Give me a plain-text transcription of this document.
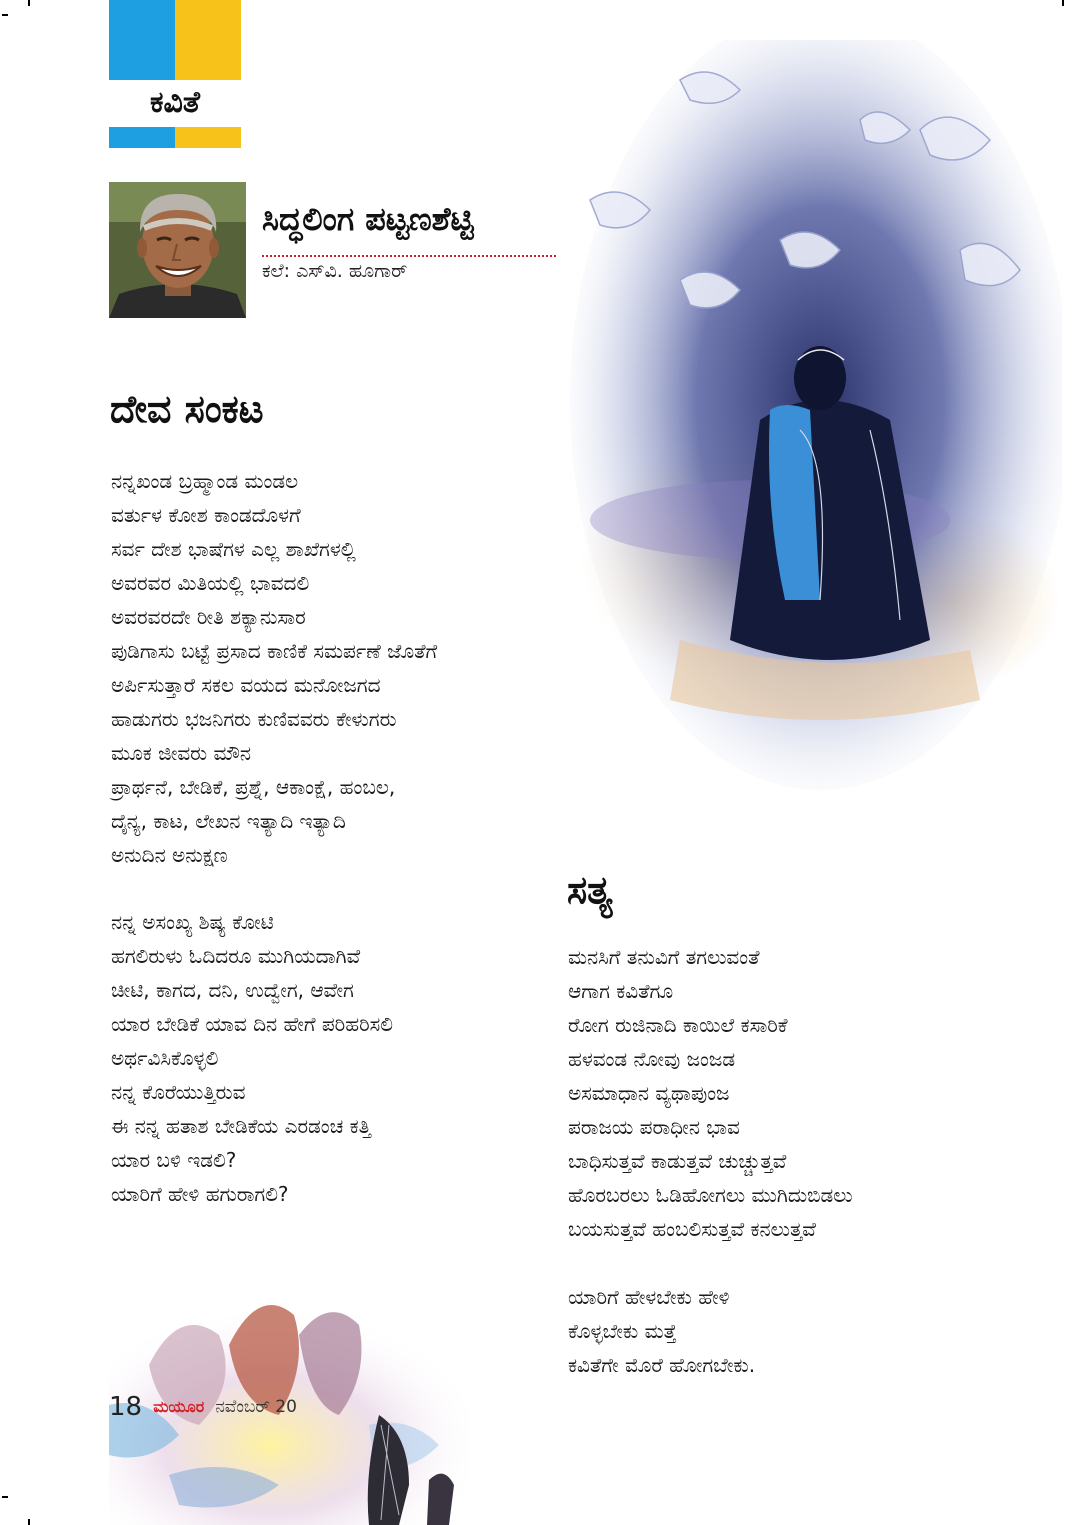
ಕವಿತೆ
ಸಿದ್ಧಲಿಂಗ ಪಟ್ಟಣಶೆಟ್ಟಿ
ಕಲೆ: ಎಸ್‌ವಿ. ಹೂಗಾರ್
ದೇವ ಸಂಕಟ
ನನ್ನಖಂಡ ಬ್ರಹ್ಮಾಂಡ ಮಂಡಲ
ವರ್ತುಳ ಕೋಶ ಕಾಂಡದೊಳಗೆ
ಸರ್ವ ದೇಶ ಭಾಷೆಗಳ ಎಲ್ಲ ಶಾಖೆಗಳಲ್ಲಿ
ಅವರವರ ಮಿತಿಯಲ್ಲಿ ಭಾವದಲಿ
ಅವರವರದೇ ರೀತಿ ಶಕ್ಯಾನುಸಾರ
ಪುಡಿಗಾಸು ಬಟ್ಟೆ ಪ್ರಸಾದ ಕಾಣಿಕೆ ಸಮರ್ಪಣೆ ಜೊತೆಗೆ
ಅರ್ಪಿಸುತ್ತಾರೆ ಸಕಲ ವಯದ ಮನೋಜಗದ
ಹಾಡುಗರು ಭಜನಿಗರು ಕುಣಿವವರು ಕೇಳುಗರು
ಮೂಕ ಜೀವರು ಮೌನ
ಪ್ರಾರ್ಥನೆ, ಬೇಡಿಕೆ, ಪ್ರಶ್ನೆ, ಆಕಾಂಕ್ಷೆ, ಹಂಬಲ,
ದೈನ್ಯ, ಕಾಟ, ಲೇಖನ ಇತ್ಯಾದಿ ಇತ್ಯಾದಿ
ಅನುದಿನ ಅನುಕ್ಷಣ
ನನ್ನ ಅಸಂಖ್ಯ ಶಿಷ್ಯ ಕೋಟಿ
ಹಗಲಿರುಳು ಓದಿದರೂ ಮುಗಿಯದಾಗಿವೆ
ಚೀಟಿ, ಕಾಗದ, ದನಿ, ಉದ್ವೇಗ, ಆವೇಗ
ಯಾರ ಬೇಡಿಕೆ ಯಾವ ದಿನ ಹೇಗೆ ಪರಿಹರಿಸಲಿ
ಅರ್ಥವಿಸಿಕೊಳ್ಳಲಿ
ನನ್ನ ಕೊರೆಯುತ್ತಿರುವ
ಈ ನನ್ನ ಹತಾಶ ಬೇಡಿಕೆಯ ಎರಡಂಚ ಕತ್ತಿ
ಯಾರ ಬಳಿ ಇಡಲಿ?
ಯಾರಿಗೆ ಹೇಳಿ ಹಗುರಾಗಲಿ?
ಸತ್ಯ
ಮನಸಿಗೆ ತನುವಿಗೆ ತಗಲುವಂತೆ
ಆಗಾಗ ಕವಿತೆಗೂ
ರೋಗ ರುಜಿನಾದಿ ಕಾಯಿಲೆ ಕಸಾರಿಕೆ
ಹಳವಂಡ ನೋವು ಜಂಜಡ
ಅಸಮಾಧಾನ ವ್ಯಥಾಪುಂಜ
ಪರಾಜಯ ಪರಾಧೀನ ಭಾವ
ಬಾಧಿಸುತ್ತವೆ ಕಾಡುತ್ತವೆ ಚುಚ್ಚುತ್ತವೆ
ಹೊರಬರಲು ಓಡಿಹೋಗಲು ಮುಗಿದುಬಿಡಲು
ಬಯಸುತ್ತವೆ ಹಂಬಲಿಸುತ್ತವೆ ಕನಲುತ್ತವೆ
ಯಾರಿಗೆ ಹೇಳಬೇಕು ಹೇಳಿ
ಕೊಳ್ಳಬೇಕು ಮತ್ತೆ
ಕವಿತೆಗೇ ಮೊರೆ ಹೋಗಬೇಕು.
18 ಮಯೂರ ನವೆಂಬರ್ 20
